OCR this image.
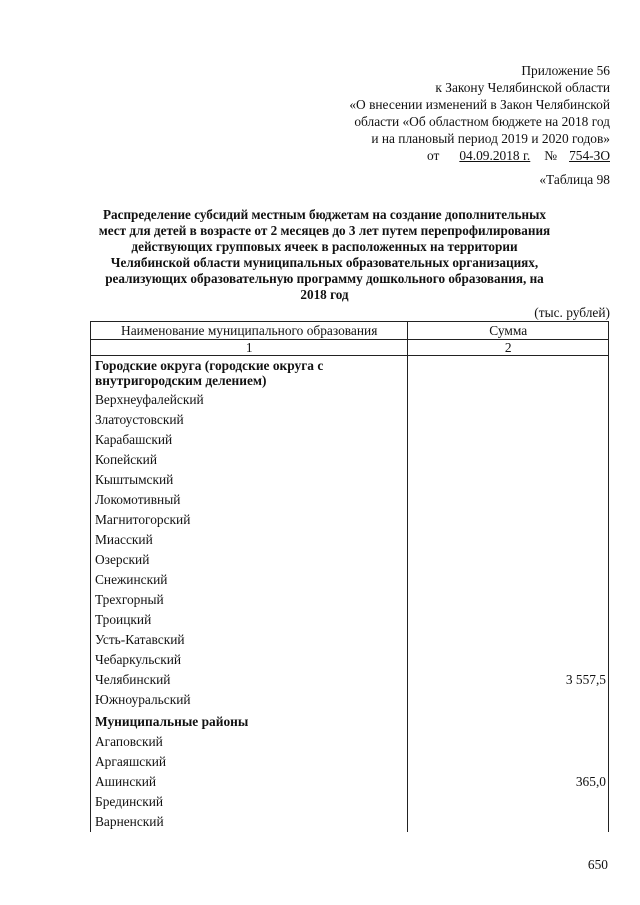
Приложение 56
к Закону Челябинской области
«О внесении изменений в Закон Челябинской
области «Об областном бюджете на 2018 год
и на плановый период 2019 и 2020 годов»
от 04.09.2018 г. № 754-ЗО
«Таблица 98
Распределение субсидий местным бюджетам на создание дополнительных мест для детей в возрасте от 2 месяцев до 3 лет путем перепрофилирования действующих групповых ячеек в расположенных на территории Челябинской области муниципальных образовательных организациях, реализующих образовательную программу дошкольного образования, на 2018 год
(тыс. рублей)
Наименование муниципального образования	Сумма
1	2
Городские округа (городские округа с внутригородским делением)	
Верхнеуфалейский	
Златоустовский	
Карабашский	
Копейский	
Кыштымский	
Локомотивный	
Магнитогорский	
Миасский	
Озерский	
Снежинский	
Трехгорный	
Троицкий	
Усть-Катавский	
Чебаркульский	
Челябинский	3 557,5
Южноуральский	
Муниципальные районы	
Агаповский	
Аргаяшский	
Ашинский	365,0
Брединский	
Варненский	
650
